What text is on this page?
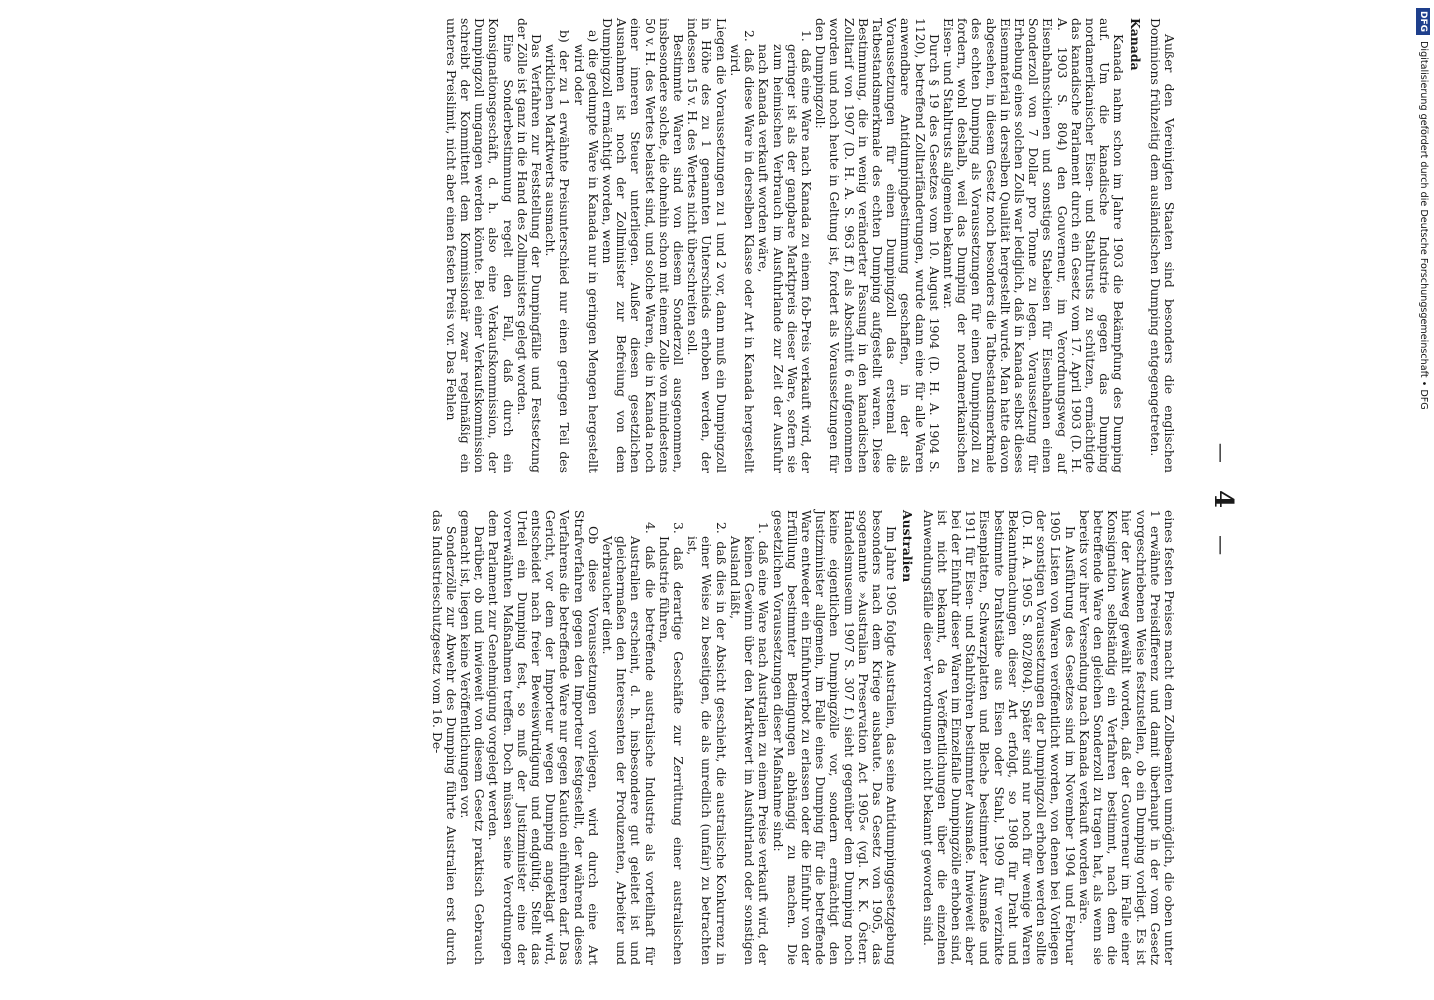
— 4 —

Außer den Vereinigten Staaten sind besonders die englischen Dominions frühzeitig dem ausländischen Dumping entgegengetreten.

Kanada

Kanada nahm schon im Jahre 1903 die Bekämpfung des Dumping auf. Um die kanadische Industrie gegen das Dumping nordamerikanischer Eisen- und Stahltrusts zu schützen, ermächtigte das kanadische Parlament durch ein Gesetz vom 17. April 1903 (D. H. A. 1903 S. 804) den Gouverneur, im Verordnungsweg auf Eisenbahnschienen und sonstiges Stabeisen für Eisenbahnen einen Sonderzoll von 7 Dollar pro Tonne zu legen. Voraussetzung für Erhebung eines solchen Zolls war lediglich, daß in Kanada selbst dieses Eisenmaterial in derselben Qualität hergestellt wurde. Man hatte davon abgesehen, in diesem Gesetz noch besonders die Tatbestandsmerkmale des echten Dumping als Voraussetzungen für einen Dumpingzoll zu fordern, wohl deshalb, weil das Dumping der nordamerikanischen Eisen- und Stahltrusts allgemein bekannt war.

Durch § 19 des Gesetzes vom 10. August 1904 (D. H. A. 1904 S. 1120), betreffend Zolltarifänderungen, wurde dann eine für alle Waren anwendbare Antidumpingbestimmung geschaffen, in der als Voraussetzungen für einen Dumpingzoll das erstemal die Tatbestandsmerkmale des echten Dumping aufgestellt waren. Diese Bestimmung, die in wenig veränderter Fassung in den kanadischen Zolltarif von 1907 (D. H. A. S. 963 ff.) als Abschnitt 6 aufgenommen worden und noch heute in Geltung ist, fordert als Voraussetzungen für den Dumpingzoll:

1. daß eine Ware nach Kanada zu einem fob-Preis verkauft wird, der geringer ist als der gangbare Marktpreis dieser Ware, sofern sie zum heimischen Verbrauch im Ausfuhrlande zur Zeit der Ausfuhr nach Kanada verkauft worden wäre,

2. daß diese Ware in derselben Klasse oder Art in Kanada hergestellt wird.

Liegen die Voraussetzungen zu 1 und 2 vor, dann muß ein Dumpingzoll in Höhe des zu 1 genannten Unterschieds erhoben werden, der indessen 15 v. H. des Wertes nicht überschreiten soll.

Bestimmte Waren sind von diesem Sonderzoll ausgenommen, insbesondere solche, die ohnehin schon mit einem Zolle von mindestens 50 v. H. des Wertes belastet sind, und solche Waren, die in Kanada noch einer inneren Steuer unterliegen. Außer diesen gesetzlichen Ausnahmen ist noch der Zollminister zur Befreiung von dem Dumpingzoll ermächtigt worden, wenn

a) die gedumpte Ware in Kanada nur in geringen Mengen hergestellt wird oder

b) der zu 1 erwähnte Preisunterschied nur einen geringen Teil des wirklichen Marktwerts ausmacht.

Das Verfahren zur Feststellung der Dumpingfälle und Festsetzung der Zölle ist ganz in die Hand des Zollministers gelegt worden.

Eine Sonderbestimmung regelt den Fall, daß durch ein Konsignationsgeschäft, d. h. also eine Verkaufskommission, der Dumpingzoll umgangen werden könnte. Bei einer Verkaufskommission schreibt der Kommittent dem Kommissionär zwar regelmäßig ein unteres Preislimit, nicht aber einen festen Preis vor. Das Fehlen

eines festen Preises macht dem Zollbeamten unmöglich, die oben unter 1 erwähnte Preisdifferenz und damit überhaupt in der vom Gesetz vorgeschriebenen Weise festzustellen, ob ein Dumping vorliegt. Es ist hier der Ausweg gewählt worden, daß der Gouverneur im Falle einer Konsignation selbständig ein Verfahren bestimmt, nach dem die betreffende Ware den gleichen Sonderzoll zu tragen hat, als wenn sie bereits vor ihrer Versendung nach Kanada verkauft worden wäre.

In Ausführung des Gesetzes sind im November 1904 und Februar 1905 Listen von Waren veröffentlicht worden, von denen bei Vorliegen der sonstigen Voraussetzungen der Dumpingzoll erhoben werden sollte (D. H. A. 1905 S. 802/804). Später sind nur noch für wenige Waren Bekanntmachungen dieser Art erfolgt, so 1908 für Draht und bestimmte Drahtstäbe aus Eisen oder Stahl, 1909 für verzinkte Eisenplatten, Schwarzplatten und Bleche bestimmter Ausmaße und 1911 für Eisen- und Stahlröhren bestimmter Ausmaße. Inwieweit aber bei der Einfuhr dieser Waren im Einzelfalle Dumpingzölle erhoben sind, ist nicht bekannt, da Veröffentlichungen über die einzelnen Anwendungsfälle dieser Verordnungen nicht bekannt geworden sind.

Australien

Im Jahre 1905 folgte Australien, das seine Antidumpinggesetzgebung besonders nach dem Kriege ausbaute. Das Gesetz von 1905, das sogenannte »Australian Preservation Act 1905« (vgl. K. K. Österr. Handelsmuseum 1907 S. 307 f.) sieht gegenüber dem Dumping noch keine eigentlichen Dumpingzölle vor, sondern ermächtigt den Justizminister allgemein, im Falle eines Dumping für die betreffende Ware entweder ein Einfuhrverbot zu erlassen oder die Einfuhr von der Erfüllung bestimmter Bedingungen abhängig zu machen. Die gesetzlichen Voraussetzungen dieser Maßnahme sind:

1. daß eine Ware nach Australien zu einem Preise verkauft wird, der keinen Gewinn über den Marktwert im Ausfuhrland oder sonstigen Ausland läßt,

2. daß dies in der Absicht geschieht, die australische Konkurrenz in einer Weise zu beseitigen, die als unredlich (unfair) zu betrachten ist,

3. daß derartige Geschäfte zur Zerrüttung einer australischen Industrie führen,

4. daß die betreffende australische Industrie als vorteilhaft für Australien erscheint, d. h. insbesondere gut geleitet ist und gleichermaßen den Interessenten der Produzenten, Arbeiter und Verbraucher dient.

Ob diese Voraussetzungen vorliegen, wird durch eine Art Strafverfahren gegen den Importeur festgestellt, der während dieses Verfahrens die betreffende Ware nur gegen Kaution einführen darf. Das Gericht, vor dem der Importeur wegen Dumping angeklagt wird, entscheidet nach freier Beweiswürdigung und endgültig. Stellt das Urteil ein Dumping fest, so muß der Justizminister eine der vorerwähnten Maßnahmen treffen. Doch müssen seine Verordnungen dem Parlament zur Genehmigung vorgelegt werden.

Darüber, ob und inwieweit von diesem Gesetz praktisch Gebrauch gemacht ist, liegen keine Veröffentlichungen vor.

Sonderzölle zur Abwehr des Dumping führte Australien erst durch das Industrieschutzgesetz vom 16. De-

DFGDigitalisierung gefördert durch die Deutsche Forschungsgemeinschaft • DFG
